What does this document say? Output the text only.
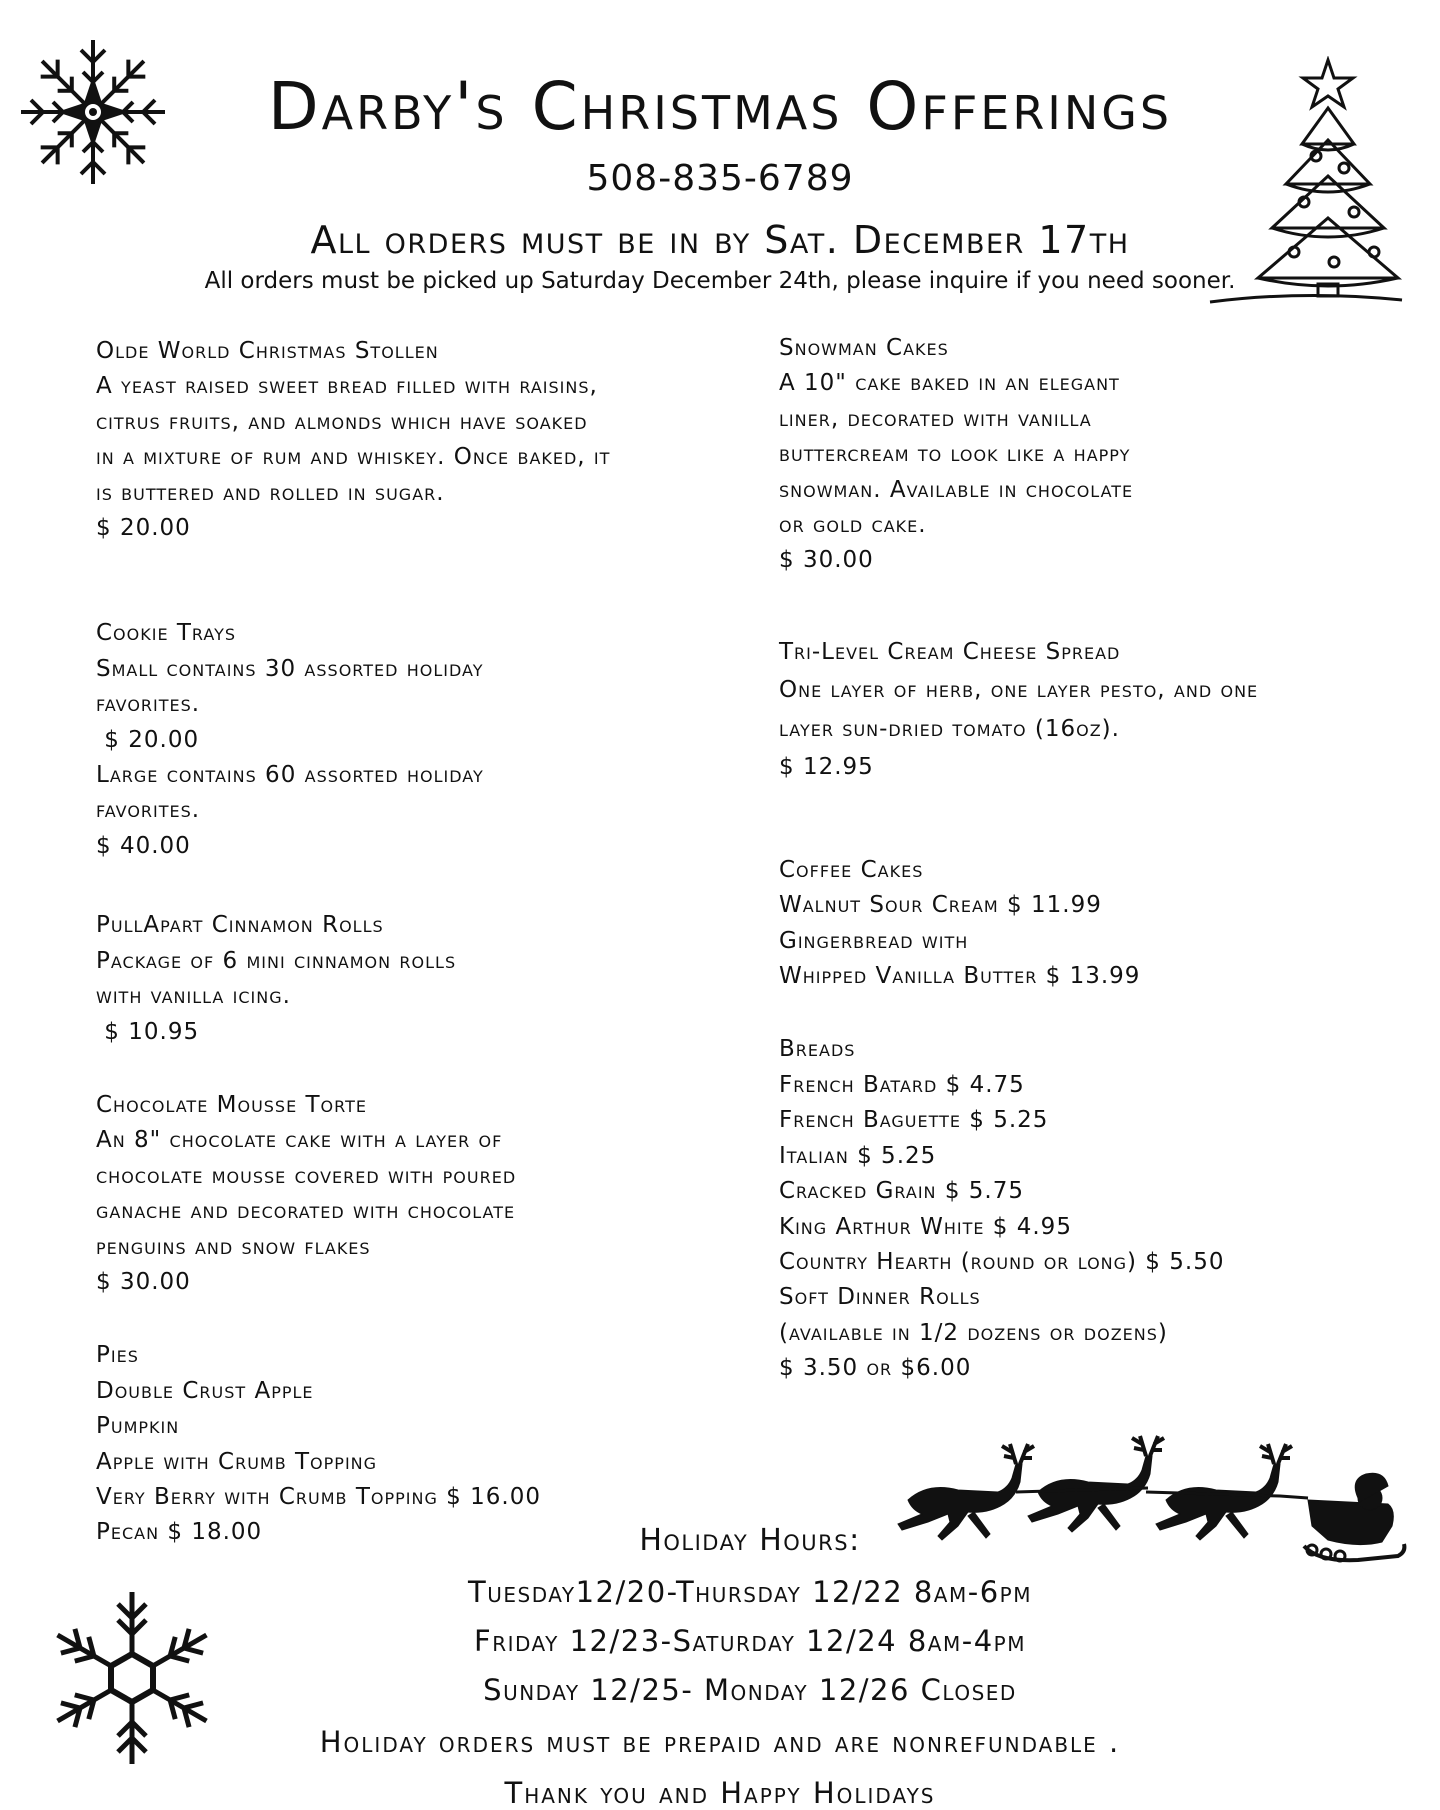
Darby's Christmas Offerings
508-835-6789
All orders must be in by Sat. December 17th
All orders must be picked up Saturday December 24th, please inquire if you need sooner.
Olde World Christmas Stollen
A yeast raised sweet bread filled with raisins,
citrus fruits, and almonds which have soaked
in a mixture of rum and whiskey. Once baked, it
is buttered and rolled in sugar.
$ 20.00
Cookie Trays
Small contains 30 assorted holiday
favorites.
$ 20.00
Large contains 60 assorted holiday
favorites.
$ 40.00
PullApart Cinnamon Rolls
Package of 6 mini cinnamon rolls
with vanilla icing.
$ 10.95
Chocolate Mousse Torte
An 8" chocolate cake with a layer of
chocolate mousse covered with poured
ganache and decorated with chocolate
penguins and snow flakes
$ 30.00
Pies
Double Crust Apple
Pumpkin
Apple with Crumb Topping
Very Berry with Crumb Topping $ 16.00
Pecan $ 18.00
Snowman Cakes
A 10" cake baked in an elegant
liner, decorated with vanilla
buttercream to look like a happy
snowman. Available in chocolate
or gold cake.
$ 30.00
Tri-Level Cream Cheese Spread
One layer of herb, one layer pesto, and one
layer sun-dried tomato (16oz).
$ 12.95
Coffee Cakes
Walnut Sour Cream $ 11.99
Gingerbread with
Whipped Vanilla Butter $ 13.99
Breads
French Batard $ 4.75
French Baguette $ 5.25
Italian $ 5.25
Cracked Grain $ 5.75
King Arthur White $ 4.95
Country Hearth (round or long) $ 5.50
Soft Dinner Rolls
(available in 1/2 dozens or dozens)
$ 3.50 or $6.00
Holiday Hours:
Tuesday12/20-Thursday 12/22 8am-6pm
Friday 12/23-Saturday 12/24 8am-4pm
Sunday 12/25- Monday 12/26 Closed
Holiday orders must be prepaid and are nonrefundable .
Thank you and Happy Holidays
